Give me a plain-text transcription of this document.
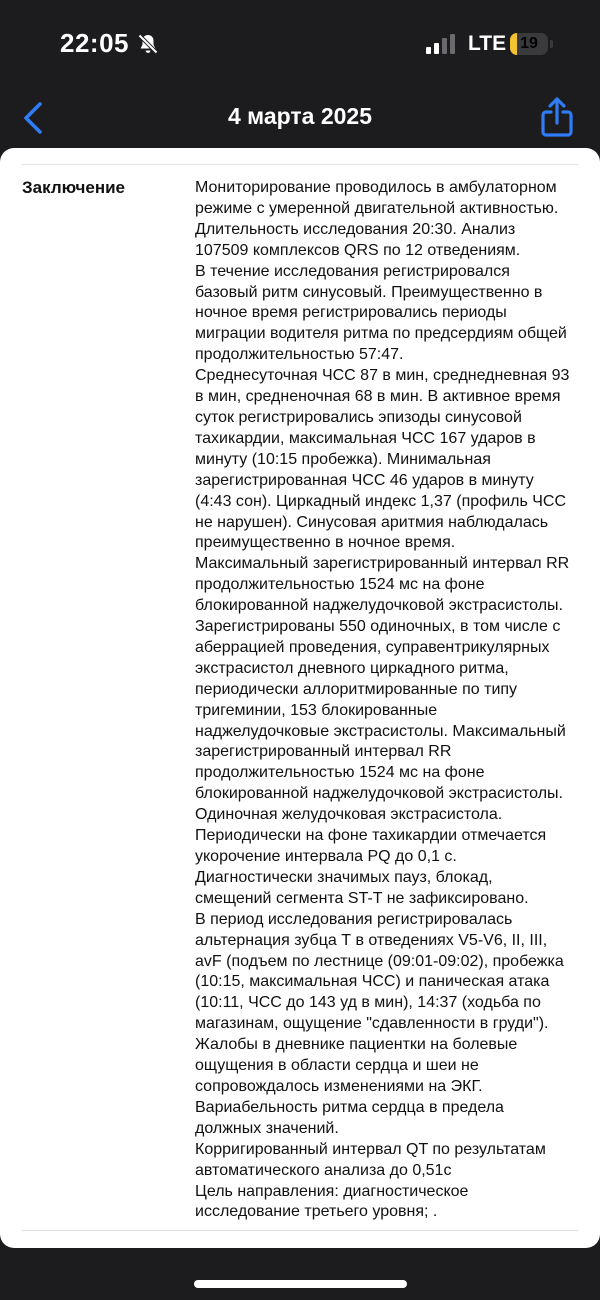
22:05	LTE 19
4 марта 2025
Заключение	Мониторирование проводилось в амбулаторном
режиме с умеренной двигательной активностью.
Длительность исследования 20:30. Анализ
107509 комплексов QRS по 12 отведениям.
В течение исследования регистрировался
базовый ритм синусовый. Преимущественно в
ночное время регистрировались периоды
миграции водителя ритма по предсердиям общей
продолжительностью 57:47.
Среднесуточная ЧСС 87 в мин, среднедневная 93
в мин, средненочная 68 в мин. В активное время
суток регистрировались эпизоды синусовой
тахикардии, максимальная ЧСС 167 ударов в
минуту (10:15 пробежка). Минимальная
зарегистрированная ЧСС 46 ударов в минуту
(4:43 сон). Циркадный индекс 1,37 (профиль ЧСС
не нарушен). Синусовая аритмия наблюдалась
преимущественно в ночное время.
Максимальный зарегистрированный интервал RR
продолжительностью 1524 мс на фоне
блокированной наджелудочковой экстрасистолы.
Зарегистрированы 550 одиночных, в том числе с
аберрацией проведения, суправентрикулярных
экстрасистол дневного циркадного ритма,
периодически аллоритмированные по типу
тригеминии, 153 блокированные
наджелудочковые экстрасистолы. Максимальный
зарегистрированный интервал RR
продолжительностью 1524 мс на фоне
блокированной наджелудочковой экстрасистолы.
Одиночная желудочковая экстрасистола.
Периодически на фоне тахикардии отмечается
укорочение интервала PQ до 0,1 с.
Диагностически значимых пауз, блокад,
смещений сегмента ST-T не зафиксировано.
В период исследования регистрировалась
альтернация зубца Т в отведениях V5-V6, II, III,
avF (подъем по лестнице (09:01-09:02), пробежка
(10:15, максимальная ЧСС) и паническая атака
(10:11, ЧСС до 143 уд в мин), 14:37 (ходьба по
магазинам, ощущение "сдавленности в груди").
Жалобы в дневнике пациентки на болевые
ощущения в области сердца и шеи не
сопровождалось изменениями на ЭКГ.
Вариабельность ритма сердца в предела
должных значений.
Корригированный интервал QT по результатам
автоматического анализа до 0,51с
Цель направления: диагностическое
исследование третьего уровня; .
